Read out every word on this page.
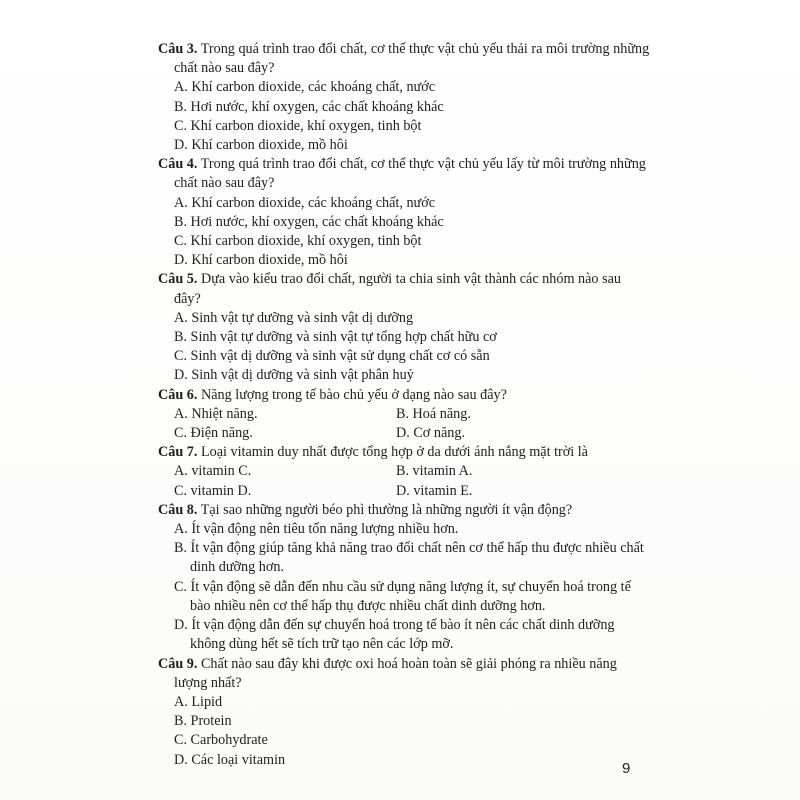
Câu 3. Trong quá trình trao đổi chất, cơ thể thực vật chủ yếu thải ra môi trường những chất nào sau đây?
A. Khí carbon dioxide, các khoáng chất, nước
B. Hơi nước, khí oxygen, các chất khoáng khác
C. Khí carbon dioxide, khí oxygen, tinh bột
D. Khí carbon dioxide, mồ hôi
Câu 4. Trong quá trình trao đổi chất, cơ thể thực vật chủ yếu lấy từ môi trường những chất nào sau đây?
A. Khí carbon dioxide, các khoáng chất, nước
B. Hơi nước, khí oxygen, các chất khoáng khác
C. Khí carbon dioxide, khí oxygen, tinh bột
D. Khí carbon dioxide, mồ hôi
Câu 5. Dựa vào kiểu trao đổi chất, người ta chia sinh vật thành các nhóm nào sau đây?
A. Sinh vật tự dưỡng và sinh vật dị dưỡng
B. Sinh vật tự dưỡng và sinh vật tự tổng hợp chất hữu cơ
C. Sinh vật dị dưỡng và sinh vật sử dụng chất cơ có sẵn
D. Sinh vật dị dưỡng và sinh vật phân huỷ
Câu 6. Năng lượng trong tế bào chủ yếu ở dạng nào sau đây?
A. Nhiệt năng.	B. Hoá năng.
C. Điện năng.	D. Cơ năng.
Câu 7. Loại vitamin duy nhất được tổng hợp ở da dưới ánh nắng mặt trời là
A. vitamin C.	B. vitamin A.
C. vitamin D.	D. vitamin E.
Câu 8. Tại sao những người béo phì thường là những người ít vận động?
A. Ít vận động nên tiêu tốn năng lượng nhiều hơn.
B. Ít vận động giúp tăng khả năng trao đổi chất nên cơ thể hấp thu được nhiều chất dinh dưỡng hơn.
C. Ít vận động sẽ dẫn đến nhu cầu sử dụng năng lượng ít, sự chuyển hoá trong tế bào nhiều nên cơ thể hấp thụ được nhiều chất dinh dưỡng hơn.
D. Ít vận động dẫn đến sự chuyển hoá trong tế bào ít nên các chất dinh dưỡng không dùng hết sẽ tích trữ tạo nên các lớp mỡ.
Câu 9. Chất nào sau đây khi được oxi hoá hoàn toàn sẽ giải phóng ra nhiều năng lượng nhất?
A. Lipid
B. Protein
C. Carbohydrate
D. Các loại vitamin
9
